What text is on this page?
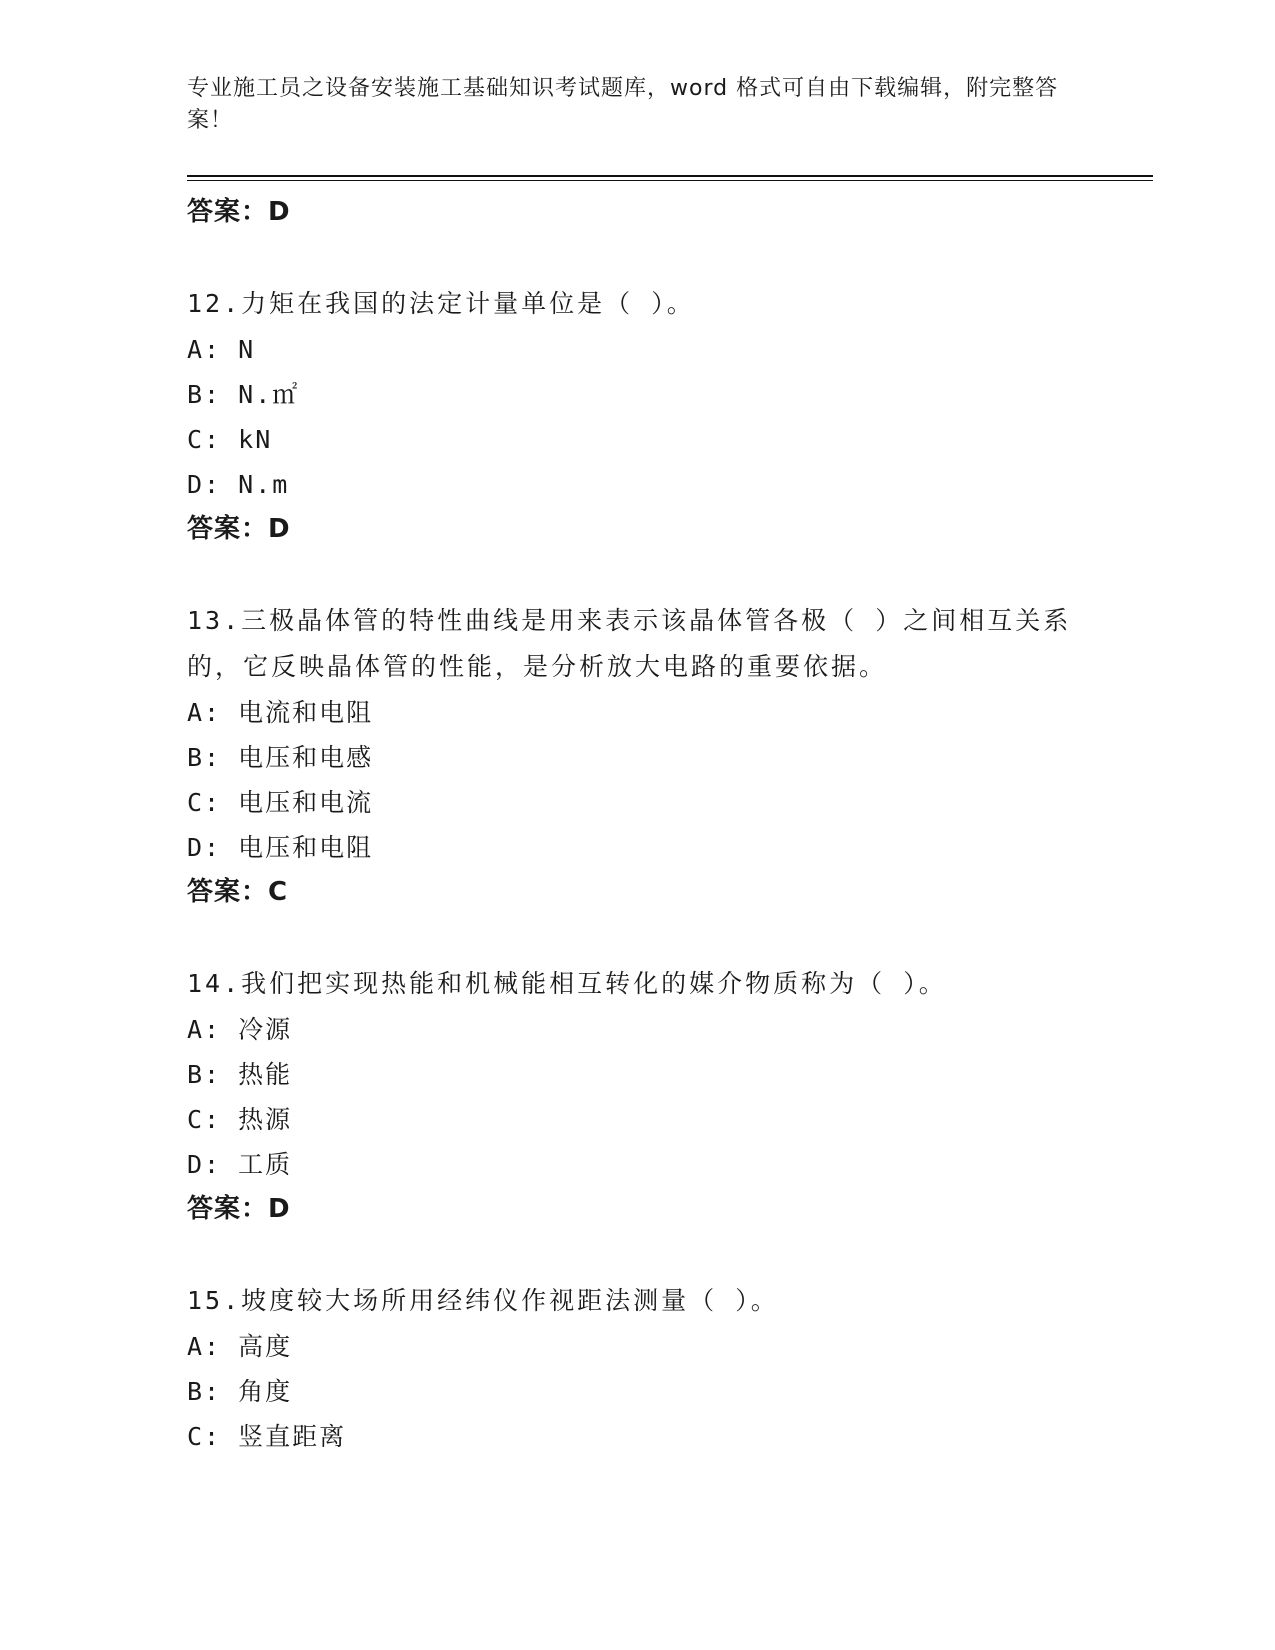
专业施工员之设备安装施工基础知识考试题库，word 格式可自由下载编辑，附完整答案！
答案：D

12.力矩在我国的法定计量单位是（ ）。

A: N
B: N.㎡
C: kN
D: N.m
答案：D

13.三极晶体管的特性曲线是用来表示该晶体管各极（ ）之间相互关系的，它反映晶体管的性能，是分析放大电路的重要依据。

A: 电流和电阻
B: 电压和电感
C: 电压和电流
D: 电压和电阻
答案：C

14.我们把实现热能和机械能相互转化的媒介物质称为（ ）。

A: 冷源
B: 热能
C: 热源
D: 工质
答案：D

15.坡度较大场所用经纬仪作视距法测量（ ）。

A: 高度
B: 角度
C: 竖直距离
